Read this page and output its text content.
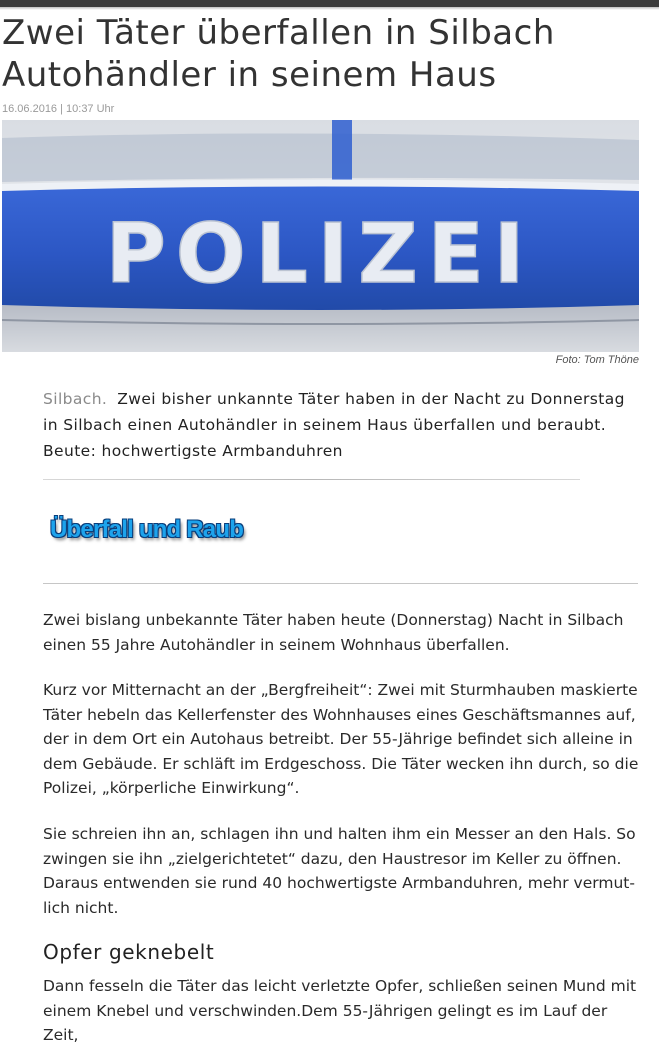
Zwei Täter überfallen in Silbach Autohändler in seinem Haus
16.06.2016 | 10:37 Uhr
POLIZEI
Foto: Tom Thöne
Silbach. Zwei bisher unkannte Täter haben in der Nacht zu Donnerstag in Silbach einen Autohändler in seinem Haus überfallen und beraubt. Beute: hochwertigste Armbanduhren
Überfall und Raub

Zwei bislang unbekannte Täter haben heute (Donnerstag) Nacht in Silbach einen 55 Jahre Autohändler in seinem Wohnhaus überfallen.

Kurz vor Mitternacht an der „Bergfreiheit“: Zwei mit Sturmhauben maskierte Täter hebeln das Kellerfenster des Wohnhauses eines Geschäftsmannes auf, der in dem Ort ein Autohaus betreibt. Der 55-Jährige befindet sich alleine in dem Gebäude. Er schläft im Erdgeschoss. Die Täter wecken ihn durch, so die Polizei, „körperliche Einwirkung“.

Sie schreien ihn an, schlagen ihn und halten ihm ein Messer an den Hals. So zwingen sie ihn „zielgerichtetet“ dazu, den Haustresor im Keller zu öffnen. Daraus entwenden sie rund 40 hochwertigste Armbanduhren, mehr vermut-lich nicht.

Opfer geknebelt

Dann fesseln die Täter das leicht verletzte Opfer, schließen seinen Mund mit einem Knebel und verschwinden.Dem 55-Jährigen gelingt es im Lauf der Zeit,
